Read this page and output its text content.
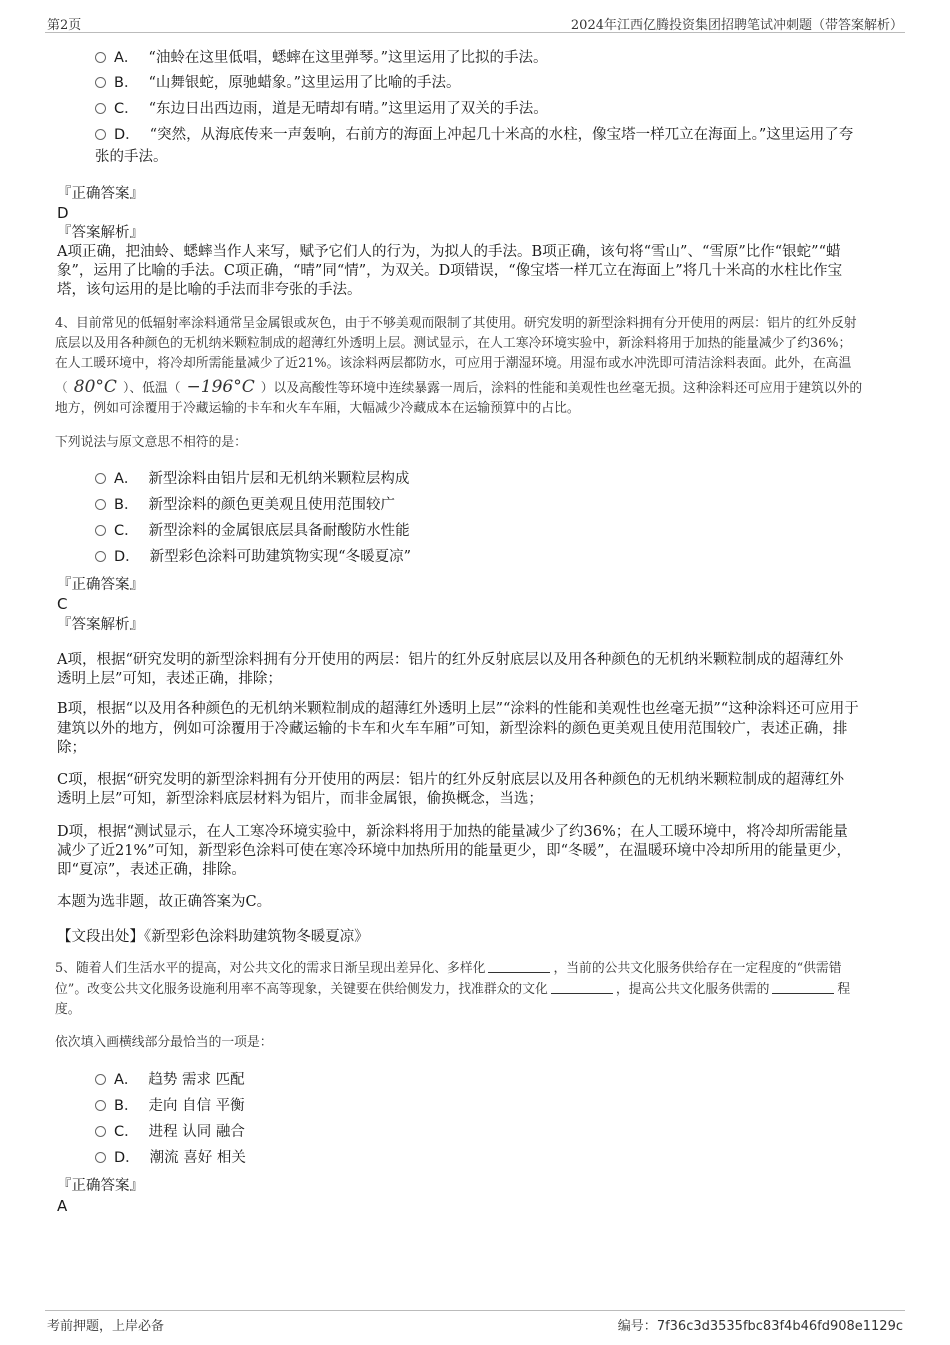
第2页	2024年江西亿腾投资集团招聘笔试冲刺题（带答案解析）
A． “油蛉在这里低唱，蟋蟀在这里弹琴。”这里运用了比拟的手法。
B． “山舞银蛇，原驰蜡象。”这里运用了比喻的手法。
C． “东边日出西边雨，道是无晴却有晴。”这里运用了双关的手法。
D． “突然，从海底传来一声轰响，右前方的海面上冲起几十米高的水柱，像宝塔一样兀立在海面上。”这里运用了夸
张的手法。
『正确答案』
D
『答案解析』
A项正确，把油蛉、蟋蟀当作人来写，赋予它们人的行为，为拟人的手法。B项正确，该句将“雪山”、“雪原”比作“银蛇”“蜡
象”，运用了比喻的手法。C项正确，“晴”同“情”，为双关。D项错误，“像宝塔一样兀立在海面上”将几十米高的水柱比作宝
塔，该句运用的是比喻的手法而非夸张的手法。
4、目前常见的低辐射率涂料通常呈金属银或灰色，由于不够美观而限制了其使用。研究发明的新型涂料拥有分开使用的两层：铝片的红外反射
底层以及用各种颜色的无机纳米颗粒制成的超薄红外透明上层。测试显示，在人工寒冷环境实验中，新涂料将用于加热的能量减少了约36%；
在人工暖环境中，将冷却所需能量减少了近21%。该涂料两层都防水，可应用于潮湿环境。用湿布或水冲洗即可清洁涂料表面。此外，在高温
（ 80°C ）、低温（ −196°C ）以及高酸性等环境中连续暴露一周后，涂料的性能和美观性也丝毫无损。这种涂料还可应用于建筑以外的
地方，例如可涂覆用于冷藏运输的卡车和火车车厢，大幅减少冷藏成本在运输预算中的占比。
下列说法与原文意思不相符的是：
A． 新型涂料由铝片层和无机纳米颗粒层构成
B． 新型涂料的颜色更美观且使用范围较广
C． 新型涂料的金属银底层具备耐酸防水性能
D． 新型彩色涂料可助建筑物实现“冬暖夏凉”
『正确答案』
C
『答案解析』
A项，根据“研究发明的新型涂料拥有分开使用的两层：铝片的红外反射底层以及用各种颜色的无机纳米颗粒制成的超薄红外
透明上层”可知，表述正确，排除；
B项，根据“以及用各种颜色的无机纳米颗粒制成的超薄红外透明上层”“涂料的性能和美观性也丝毫无损”“这种涂料还可应用于
建筑以外的地方，例如可涂覆用于冷藏运输的卡车和火车车厢”可知，新型涂料的颜色更美观且使用范围较广，表述正确，排
除；
C项，根据“研究发明的新型涂料拥有分开使用的两层：铝片的红外反射底层以及用各种颜色的无机纳米颗粒制成的超薄红外
透明上层”可知，新型涂料底层材料为铝片，而非金属银，偷换概念，当选；
D项，根据“测试显示，在人工寒冷环境实验中，新涂料将用于加热的能量减少了约36%；在人工暖环境中，将冷却所需能量
减少了近21%”可知，新型彩色涂料可使在寒冷环境中加热所用的能量更少，即“冬暖”，在温暖环境中冷却所用的能量更少，
即“夏凉”，表述正确，排除。
本题为选非题，故正确答案为C。
【文段出处】《新型彩色涂料助建筑物冬暖夏凉》
5、随着人们生活水平的提高，对公共文化的需求日渐呈现出差异化、多样化	，当前的公共文化服务供给存在一定程度的“供需错
位”。改变公共文化服务设施利用率不高等现象，关键要在供给侧发力，找准群众的文化	，提高公共文化服务供需的	程
度。
依次填入画横线部分最恰当的一项是：
A． 趋势 需求 匹配
B． 走向 自信 平衡
C． 进程 认同 融合
D． 潮流 喜好 相关
『正确答案』
A
考前押题，上岸必备	编号：7f36c3d3535fbc83f4b46fd908e1129c
